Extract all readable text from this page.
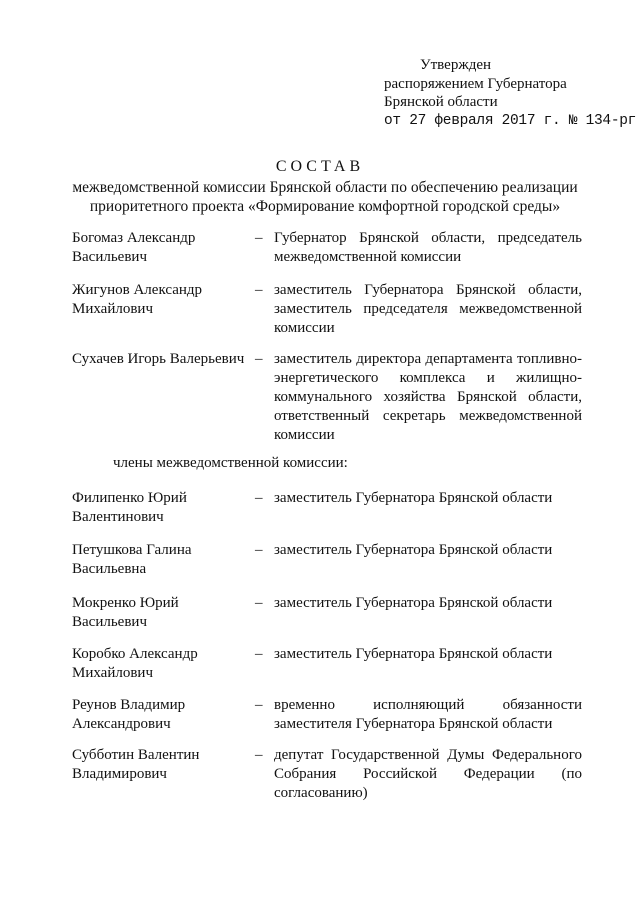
Утвержден
распоряжением Губернатора
Брянской области
от 27 февраля 2017 г. № 134-рг
СОСТАВ
межведомственной комиссии Брянской области по обеспечению реализации приоритетного проекта «Формирование комфортной городской среды»
Богомаз Александр Васильевич
– Губернатор Брянской области, председатель межведомственной комиссии
Жигунов Александр Михайлович
– заместитель Губернатора Брянской области, заместитель председателя межведомственной комиссии
Сухачев Игорь Валерьевич – заместитель директора департамента топливно-энергетического комплекса и жилищно-коммунального хозяйства Брянской области, ответственный секретарь межведомственной комиссии
члены межведомственной комиссии:
Филипенко Юрий Валентинович
– заместитель Губернатора Брянской области
Петушкова Галина Васильевна
– заместитель Губернатора Брянской области
Мокренко Юрий Васильевич
– заместитель Губернатора Брянской области
Коробко Александр Михайлович
– заместитель Губернатора Брянской области
Реунов Владимир Александрович
– временно исполняющий обязанности заместителя Губернатора Брянской области
Субботин Валентин Владимирович
– депутат Государственной Думы Федерального Собрания Российской Федерации (по согласованию)
